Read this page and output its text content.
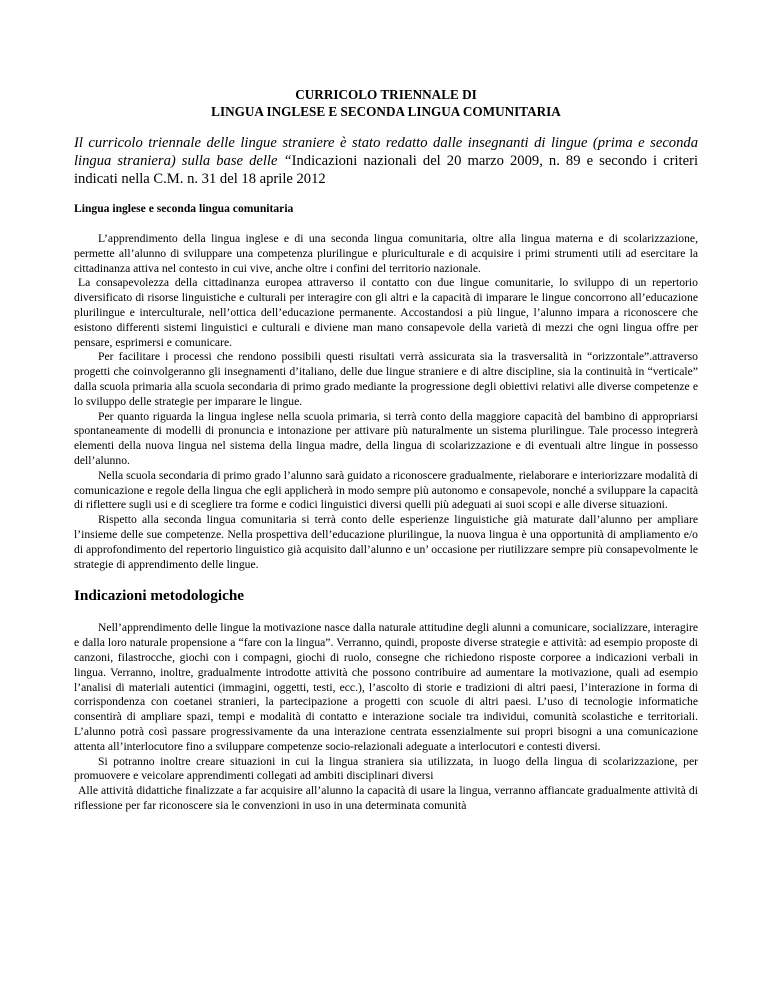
CURRICOLO TRIENNALE DI

LINGUA INGLESE E SECONDA LINGUA COMUNITARIA

Il curricolo triennale delle lingue straniere è stato redatto dalle insegnanti di lingue (prima e seconda lingua straniera) sulla base delle “Indicazioni nazionali del 20 marzo 2009, n. 89 e secondo i criteri indicati nella C.M. n. 31 del 18 aprile 2012

Lingua inglese e seconda lingua comunitaria

L’apprendimento della lingua inglese e di una seconda lingua comunitaria, oltre alla lingua materna e di scolarizzazione, permette all’alunno di sviluppare una competenza plurilingue e pluriculturale e di acquisire i primi strumenti utili ad esercitare la cittadinanza attiva nel contesto in cui vive, anche oltre i confini del territorio nazionale.

La consapevolezza della cittadinanza europea attraverso il contatto con due lingue comunitarie, lo sviluppo di un repertorio diversificato di risorse linguistiche e culturali per interagire con gli altri e la capacità di imparare le lingue concorrono all’educazione plurilingue e interculturale, nell’ottica dell’educazione permanente. Accostandosi a più lingue, l’alunno impara a riconoscere che esistono differenti sistemi linguistici e culturali e diviene man mano consapevole della varietà di mezzi che ogni lingua offre per pensare, esprimersi e comunicare.

Per facilitare i processi che rendono possibili questi risultati verrà assicurata sia la trasversalità in “orizzontale”.attraverso progetti che coinvolgeranno gli insegnamenti d’italiano, delle due lingue straniere e di altre discipline, sia la continuità in “verticale” dalla scuola primaria alla scuola secondaria di primo grado mediante la progressione degli obiettivi relativi alle diverse competenze e lo sviluppo delle strategie per imparare le lingue.

Per quanto riguarda la lingua inglese nella scuola primaria, si terrà conto della maggiore capacità del bambino di appropriarsi spontaneamente di modelli di pronuncia e intonazione per attivare più naturalmente un sistema plurilingue. Tale processo integrerà elementi della nuova lingua nel sistema della lingua madre, della lingua di scolarizzazione e di eventuali altre lingue in possesso dell’alunno.

Nella scuola secondaria di primo grado l’alunno sarà guidato a riconoscere gradualmente, rielaborare e interiorizzare modalità di comunicazione e regole della lingua che egli applicherà in modo sempre più autonomo e consapevole, nonché a sviluppare la capacità di riflettere sugli usi e di scegliere tra forme e codici linguistici diversi quelli più adeguati ai suoi scopi e alle diverse situazioni.

Rispetto alla seconda lingua comunitaria si terrà conto delle esperienze linguistiche già maturate dall’alunno per ampliare l’insieme delle sue competenze. Nella prospettiva dell’educazione plurilingue, la nuova lingua è una opportunità di ampliamento e/o di approfondimento del repertorio linguistico già acquisito dall’alunno e un’ occasione per riutilizzare sempre più consapevolmente le strategie di apprendimento delle lingue.

Indicazioni metodologiche

Nell’apprendimento delle lingue la motivazione nasce dalla naturale attitudine degli alunni a comunicare, socializzare, interagire e dalla loro naturale propensione a “fare con la lingua”. Verranno, quindi, proposte diverse strategie e attività: ad esempio proposte di canzoni, filastrocche, giochi con i compagni, giochi di ruolo, consegne che richiedono risposte corporee a indicazioni verbali in lingua. Verranno, inoltre, gradualmente introdotte attività che possono contribuire ad aumentare la motivazione, quali ad esempio l’analisi di materiali autentici (immagini, oggetti, testi, ecc.), l’ascolto di storie e tradizioni di altri paesi, l’interazione in forma di corrispondenza con coetanei stranieri, la partecipazione a progetti con scuole di altri paesi. L’uso di tecnologie informatiche consentirà di ampliare spazi, tempi e modalità di contatto e interazione sociale tra individui, comunità scolastiche e territoriali. L’alunno potrà così passare progressivamente da una interazione centrata essenzialmente sui propri bisogni a una comunicazione attenta all’interlocutore fino a sviluppare competenze socio-relazionali adeguate a interlocutori e contesti diversi.

Si potranno inoltre creare situazioni in cui la lingua straniera sia utilizzata, in luogo della lingua di scolarizzazione, per promuovere e veicolare apprendimenti collegati ad ambiti disciplinari diversi

Alle attività didattiche finalizzate a far acquisire all’alunno la capacità di usare la lingua, verranno affiancate gradualmente attività di riflessione per far riconoscere sia le convenzioni in uso in una determinata comunità
